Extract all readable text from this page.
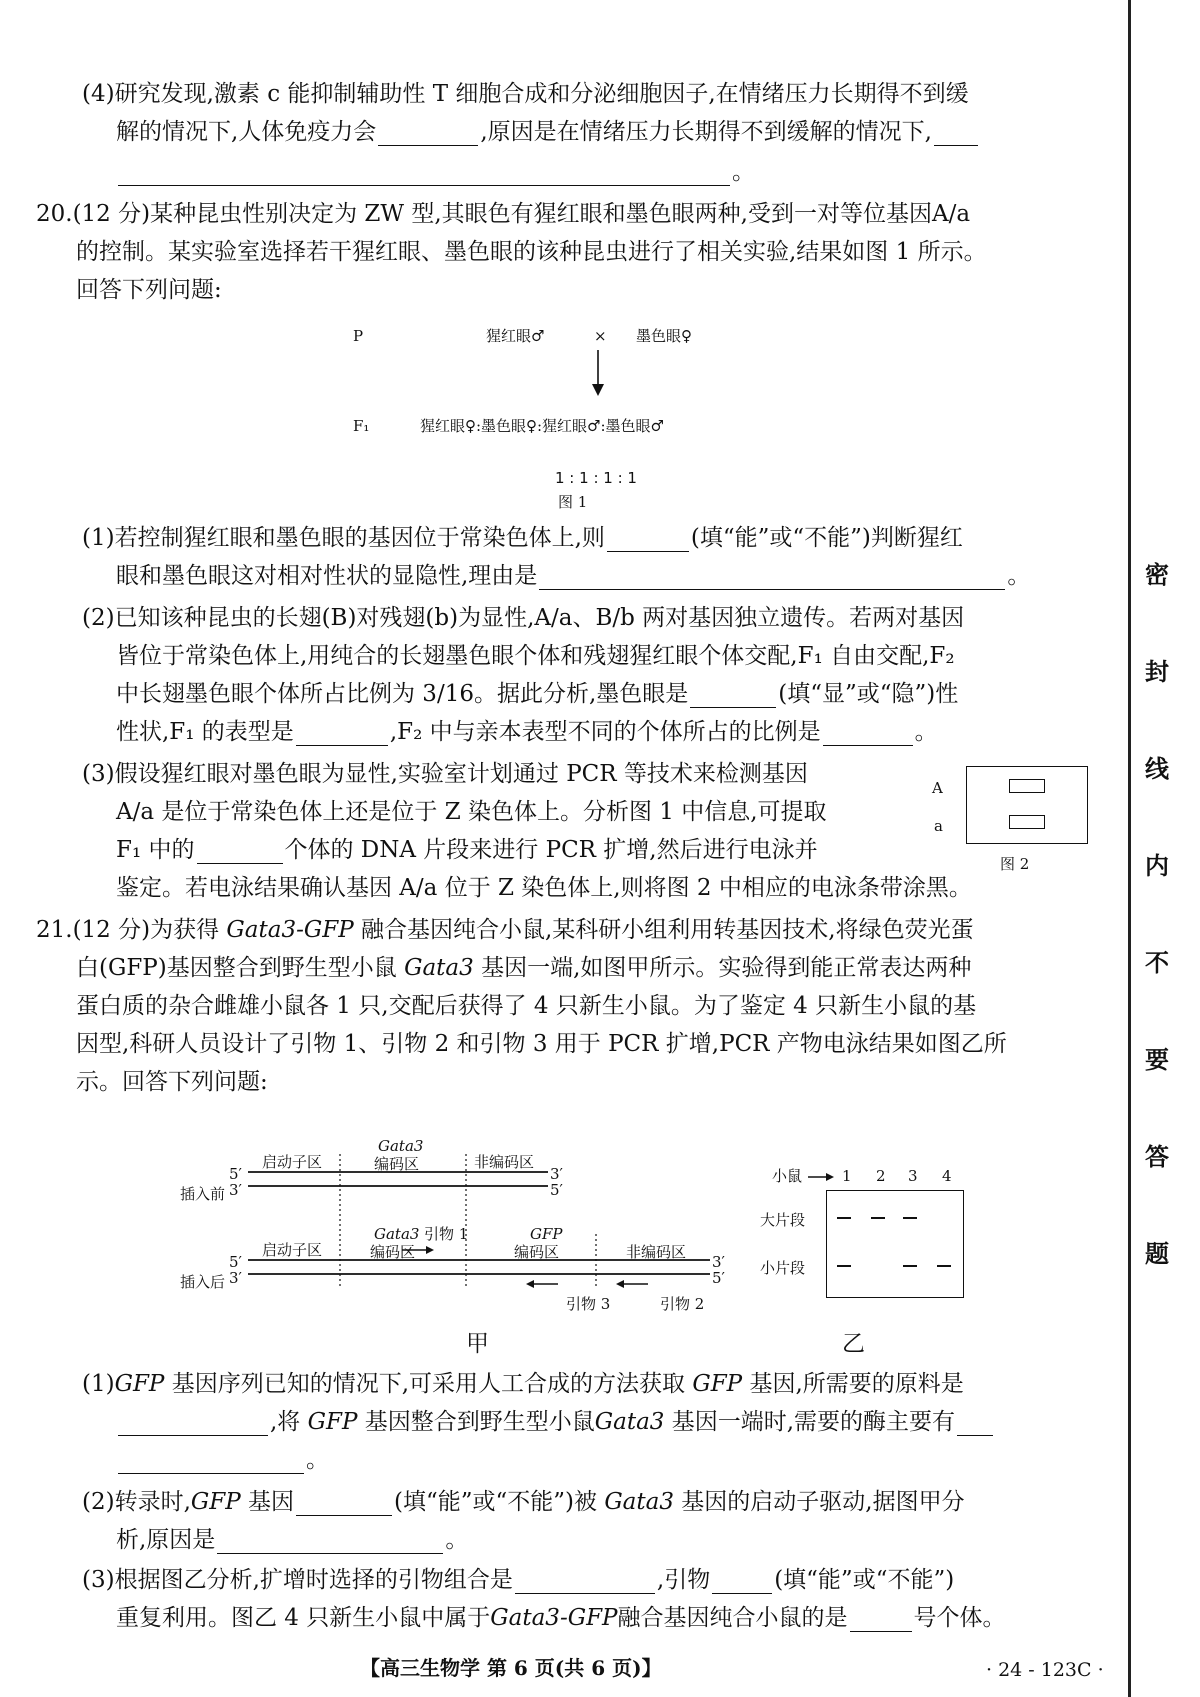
密
封
线
内
不
要
答
题
(4)研究发现,激素 c 能抑制辅助性 T 细胞合成和分泌细胞因子,在情绪压力长期得不到缓
解的情况下,人体免疫力会	,原因是在情绪压力长期得不到缓解的情况下,
。
20.(12 分)某种昆虫性别决定为 ZW 型,其眼色有猩红眼和墨色眼两种,受到一对等位基因A/a
的控制。某实验室选择若干猩红眼、墨色眼的该种昆虫进行了相关实验,结果如图 1 所示。
回答下列问题:
P	猩红眼♂	× 墨色眼♀
F₁	猩红眼♀:墨色眼♀:猩红眼♂:墨色眼♂
1 : 1 : 1 : 1
图 1
(1)若控制猩红眼和墨色眼的基因位于常染色体上,则	(填“能”或“不能”)判断猩红
眼和墨色眼这对相对性状的显隐性,理由是	。
(2)已知该种昆虫的长翅(B)对残翅(b)为显性,A/a、B/b 两对基因独立遗传。若两对基因
皆位于常染色体上,用纯合的长翅墨色眼个体和残翅猩红眼个体交配,F₁ 自由交配,F₂
中长翅墨色眼个体所占比例为 3/16。据此分析,墨色眼是	(填“显”或“隐”)性
性状,F₁ 的表型是	,F₂ 中与亲本表型不同的个体所占的比例是	。
(3)假设猩红眼对墨色眼为显性,实验室计划通过 PCR 等技术来检测基因
A/a 是位于常染色体上还是位于 Z 染色体上。分析图 1 中信息,可提取
F₁ 中的	个体的 DNA 片段来进行 PCR 扩增,然后进行电泳并
鉴定。若电泳结果确认基因 A/a 位于 Z 染色体上,则将图 2 中相应的电泳条带涂黑。
A
a
图 2
21.(12 分)为获得 Gata3-GFP 融合基因纯合小鼠,某科研小组利用转基因技术,将绿色荧光蛋
白(GFP)基因整合到野生型小鼠 Gata3 基因一端,如图甲所示。实验得到能正常表达两种
蛋白质的杂合雌雄小鼠各 1 只,交配后获得了 4 只新生小鼠。为了鉴定 4 只新生小鼠的基
因型,科研人员设计了引物 1、引物 2 和引物 3 用于 PCR 扩增,PCR 产物电泳结果如图乙所
示。回答下列问题:
插入前
插入后
5′
3′
3′
5′
5′
3′
3′
5′
启动子区
Gata3
编码区	非编码区
启动子区
Gata3
编码区
引物 1	GFP
编码区	非编码区
引物 3	引物 2
甲
小鼠	1 2 3 4
大片段
小片段
乙
(1)GFP 基因序列已知的情况下,可采用人工合成的方法获取 GFP 基因,所需要的原料是
,将 GFP 基因整合到野生型小鼠Gata3 基因一端时,需要的酶主要有
。
(2)转录时,GFP 基因	(填“能”或“不能”)被 Gata3 基因的启动子驱动,据图甲分
析,原因是	。
(3)根据图乙分析,扩增时选择的引物组合是	,引物	(填“能”或“不能”)
重复利用。图乙 4 只新生小鼠中属于Gata3-GFP融合基因纯合小鼠的是	号个体。
【高三生物学 第 6 页(共 6 页)】	· 24 - 123C ·
